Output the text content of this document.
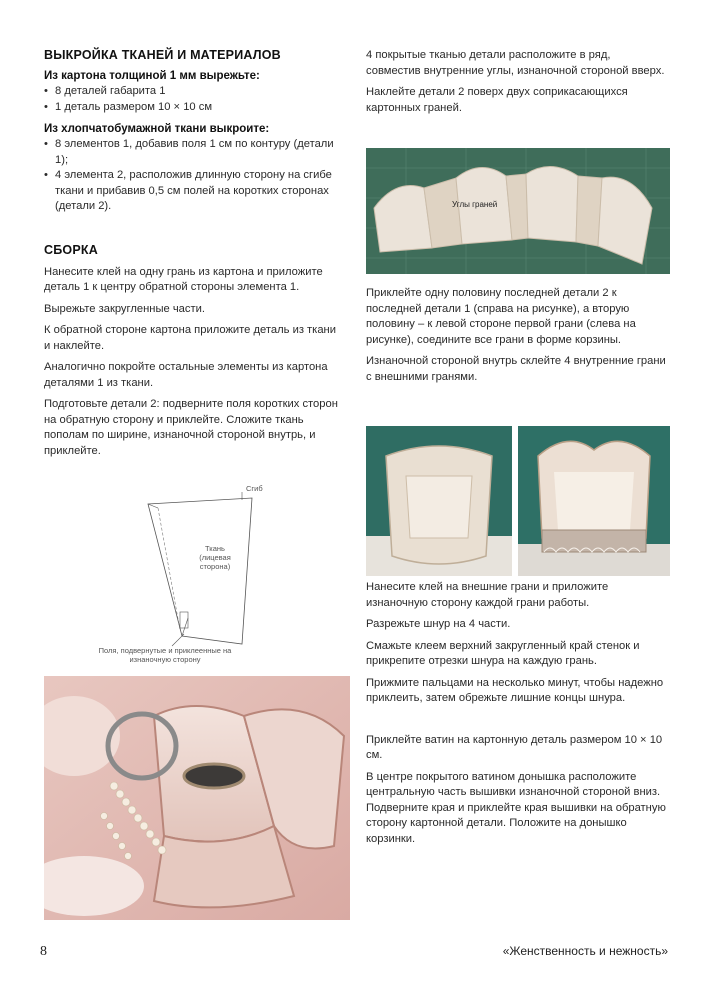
ВЫКРОЙКА ТКАНЕЙ И МАТЕРИАЛОВ
Из картона толщиной 1 мм вырежьте:
• 8 деталей габарита 1
• 1 деталь размером 10 × 10 см
Из хлопчатобумажной ткани выкроите:
• 8 элементов 1, добавив поля 1 см по контуру (детали 1);
• 4 элемента 2, расположив длинную сторону на сгибе ткани и прибавив 0,5 см полей на коротких сторонах (детали 2).
СБОРКА

Нанесите клей на одну грань из картона и приложите деталь 1 к центру обратной стороны элемента 1.

Вырежьте закругленные части.

К обратной стороне картона приложите деталь из ткани и наклейте.

Аналогично покройте остальные элементы из картона деталями 1 из ткани.

Подготовьте детали 2: подверните поля коротких сторон на обратную сторону и приклейте. Сложите ткань пополам по ширине, изнаночной стороной внутрь, и приклейте.

Сгиб
Ткань (лицевая сторона)
Поля, подвернутые и приклеенные на изнаночную сторону

4 покрытые тканью детали расположите в ряд, совместив внутренние углы, изнаночной стороной вверх.

Наклейте детали 2 поверх двух соприкасающихся картонных граней.

Углы граней

Приклейте одну половину последней детали 2 к последней детали 1 (справа на рисунке), а вторую половину – к левой стороне первой грани (слева на рисунке), соедините все грани в форме корзины.

Изнаночной стороной внутрь склейте 4 внутренние грани с внешними гранями.

Нанесите клей на внешние грани и приложите изнаночную сторону каждой грани работы.

Разрежьте шнур на 4 части.

Смажьте клеем верхний закругленный край стенок и прикрепите отрезки шнура на каждую грань.

Прижмите пальцами на несколько минут, чтобы надежно приклеить, затем обрежьте лишние концы шнура.

Приклейте ватин на картонную деталь размером 10 × 10 см.

В центре покрытого ватином донышка расположите центральную часть вышивки изнаночной стороной вниз. Подверните края и приклейте края вышивки на обратную сторону картонной детали. Положите на донышко корзинки.

8	«Женственность и нежность»
